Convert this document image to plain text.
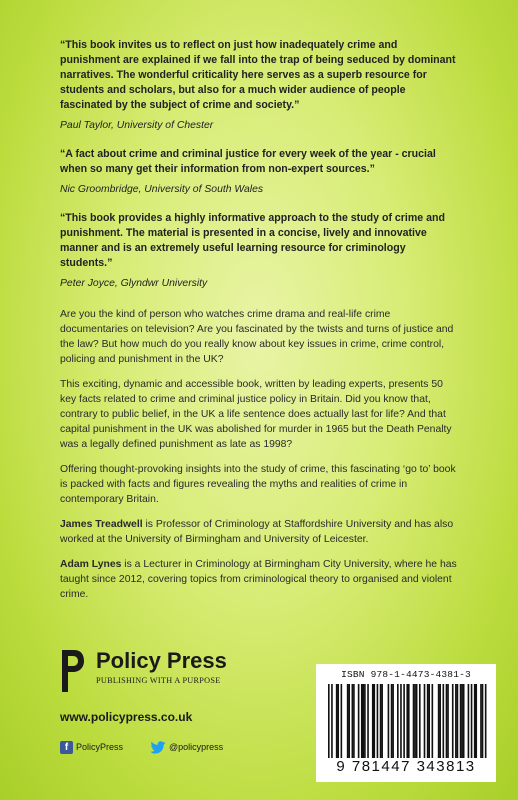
“This book invites us to reflect on just how inadequately crime and punishment are explained if we fall into the trap of being seduced by dominant narratives. The wonderful criticality here serves as a superb resource for students and scholars, but also for a much wider audience of people fascinated by the subject of crime and society.”

Paul Taylor, University of Chester

“A fact about crime and criminal justice for every week of the year - crucial when so many get their information from non-expert sources.”

Nic Groombridge, University of South Wales

“This book provides a highly informative approach to the study of crime and punishment. The material is presented in a concise, lively and innovative manner and is an extremely useful learning resource for criminology students.”

Peter Joyce, Glyndwr University

Are you the kind of person who watches crime drama and real-life crime documentaries on television? Are you fascinated by the twists and turns of justice and the law? But how much do you really know about key issues in crime, crime control, policing and punishment in the UK?

This exciting, dynamic and accessible book, written by leading experts, presents 50 key facts related to crime and criminal justice policy in Britain. Did you know that, contrary to public belief, in the UK a life sentence does actually last for life? And that capital punishment in the UK was abolished for murder in 1965 but the Death Penalty was a legally defined punishment as late as 1998?

Offering thought-provoking insights into the study of crime, this fascinating ‘go to’ book is packed with facts and figures revealing the myths and realities of crime in contemporary Britain.

James Treadwell is Professor of Criminology at Staffordshire University and has also worked at the University of Birmingham and University of Leicester.

Adam Lynes is a Lecturer in Criminology at Birmingham City University, where he has taught since 2012, covering topics from criminological theory to organised and violent crime.

Policy Press
PUBLISHING WITH A PURPOSE
www.policypress.co.uk
f PolicyPress	@policypress
ISBN 978-1-4473-4381-3
9 781447 343813
